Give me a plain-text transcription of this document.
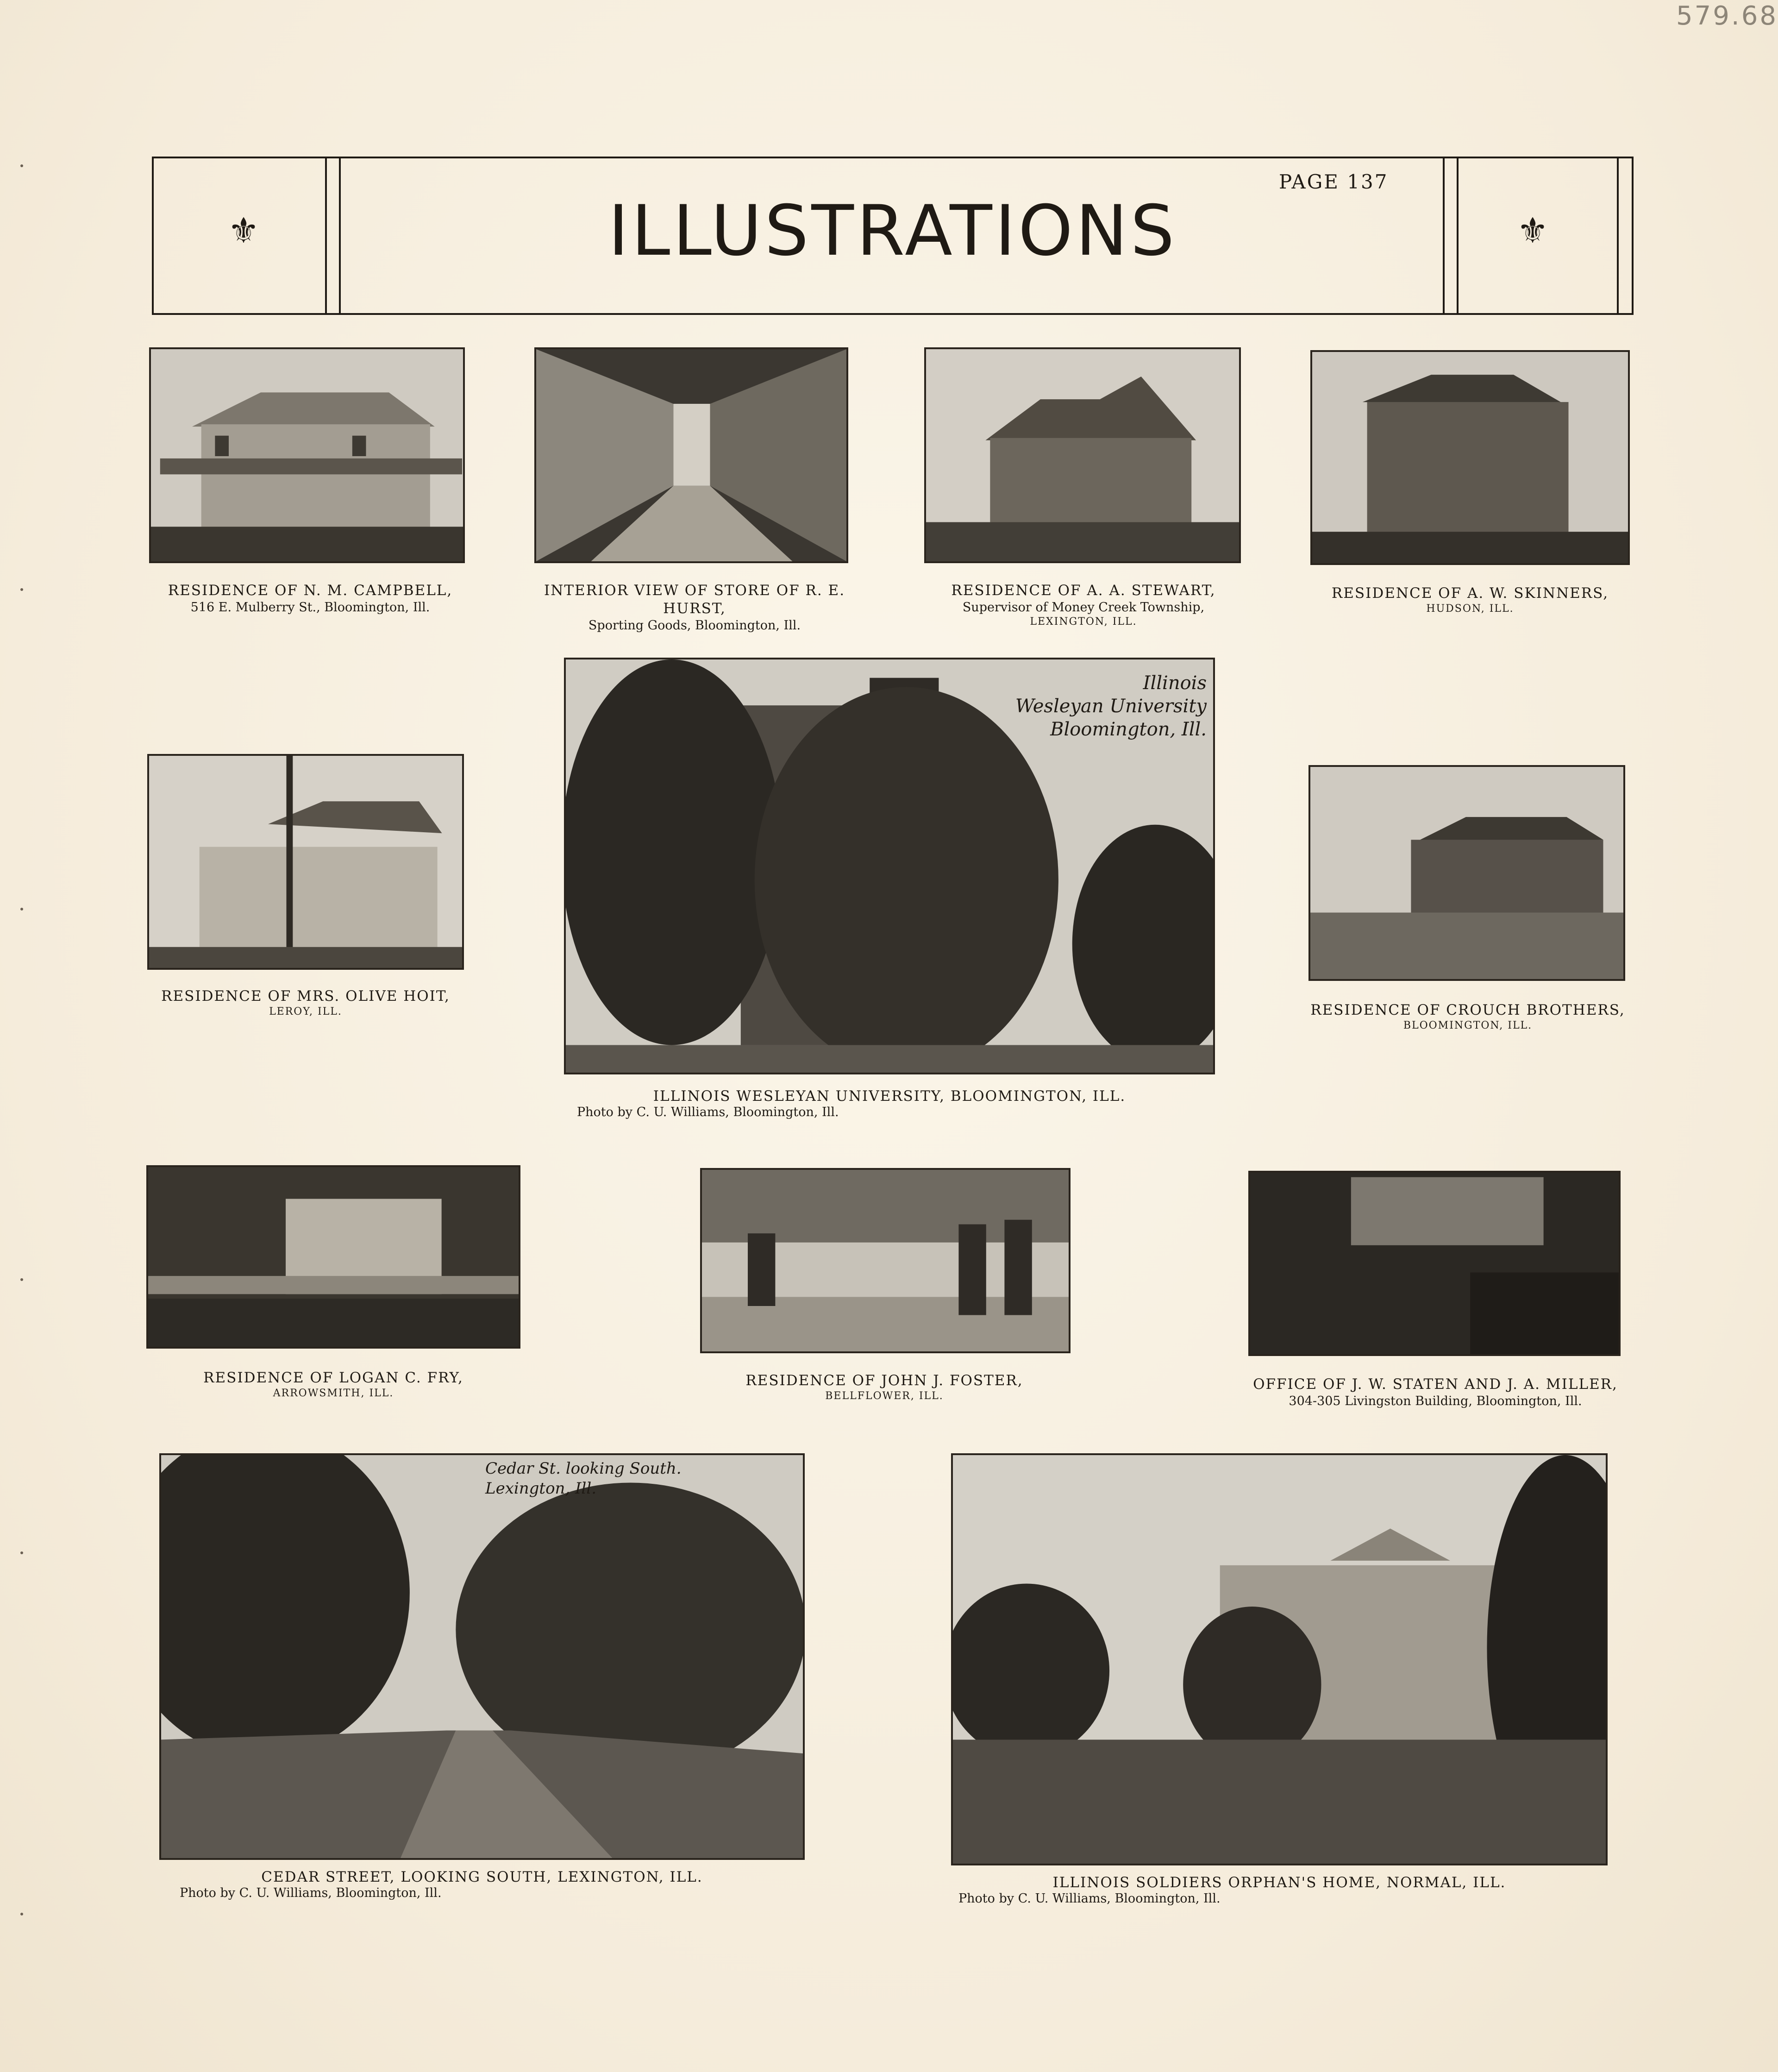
579.68
⚜	⚜
ILLUSTRATIONS
PAGE 137
RESIDENCE OF N. M. CAMPBELL,
516 E. Mulberry St., Bloomington, Ill.
INTERIOR VIEW OF STORE OF R. E. HURST,
Sporting Goods, Bloomington, Ill.
RESIDENCE OF A. A. STEWART,
Supervisor of Money Creek Township,
LEXINGTON, ILL.
RESIDENCE OF A. W. SKINNERS,
HUDSON, ILL.
RESIDENCE OF MRS. OLIVE HOIT,
LEROY, ILL.
Illinois
Wesleyan University
Bloomington, Ill.
ILLINOIS WESLEYAN UNIVERSITY, BLOOMINGTON, ILL.
Photo by C. U. Williams, Bloomington, Ill.
RESIDENCE OF CROUCH BROTHERS,
BLOOMINGTON, ILL.
RESIDENCE OF LOGAN C. FRY,
ARROWSMITH, ILL.
RESIDENCE OF JOHN J. FOSTER,
BELLFLOWER, ILL.
OFFICE OF J. W. STATEN AND J. A. MILLER,
304-305 Livingston Building, Bloomington, Ill.
Cedar St. looking South.
Lexington, Ill.
CEDAR STREET, LOOKING SOUTH, LEXINGTON, ILL.
Photo by C. U. Williams, Bloomington, Ill.
ILLINOIS SOLDIERS ORPHAN'S HOME, NORMAL, ILL.
Photo by C. U. Williams, Bloomington, Ill.
